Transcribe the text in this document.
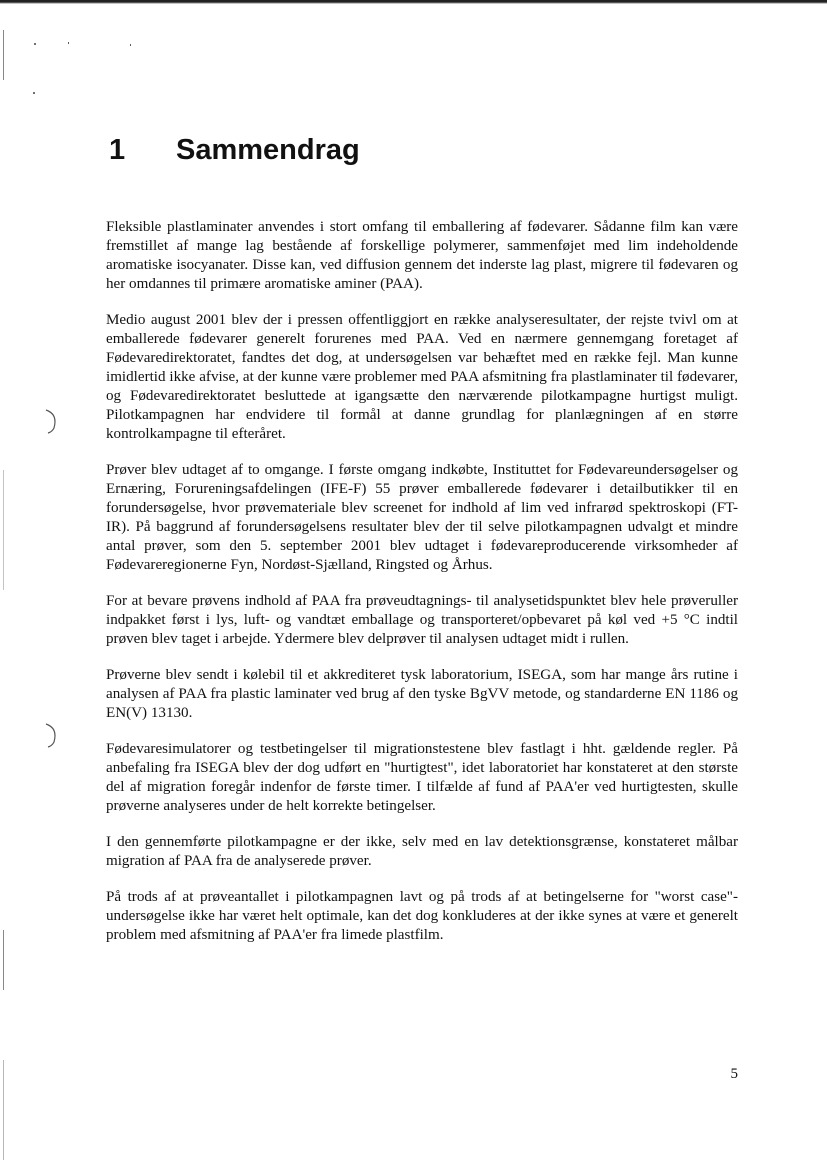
1 Sammendrag

Fleksible plastlaminater anvendes i stort omfang til emballering af fødevarer. Sådanne film kan være fremstillet af mange lag bestående af forskellige polymerer, sammenføjet med lim indeholdende aromatiske isocyanater. Disse kan, ved diffusion gennem det inderste lag plast, migrere til fødevaren og her omdannes til primære aromatiske aminer (PAA).

Medio august 2001 blev der i pressen offentliggjort en række analyseresultater, der rejste tvivl om at emballerede fødevarer generelt forurenes med PAA. Ved en nærmere gennemgang foretaget af Fødevaredirektoratet, fandtes det dog, at undersøgelsen var behæftet med en række fejl. Man kunne imidlertid ikke afvise, at der kunne være problemer med PAA afsmitning fra plastlaminater til fødevarer, og Fødevaredirektoratet besluttede at igangsætte den nærværende pilotkampagne hurtigst muligt. Pilotkampagnen har endvidere til formål at danne grundlag for planlægningen af en større kontrolkampagne til efteråret.

Prøver blev udtaget af to omgange. I første omgang indkøbte, Instituttet for Fødevareundersøgelser og Ernæring, Forureningsafdelingen (IFE-F) 55 prøver emballerede fødevarer i detailbutikker til en forundersøgelse, hvor prøvemateriale blev screenet for indhold af lim ved infrarød spektroskopi (FT-IR). På baggrund af forundersøgelsens resultater blev der til selve pilotkampagnen udvalgt et mindre antal prøver, som den 5. september 2001 blev udtaget i fødevareproducerende virksomheder af Fødevareregionerne Fyn, Nordøst-Sjælland, Ringsted og Århus.

For at bevare prøvens indhold af PAA fra prøveudtagnings- til analysetidspunktet blev hele prøveruller indpakket først i lys, luft- og vandtæt emballage og transporteret/opbevaret på køl ved +5 °C indtil prøven blev taget i arbejde. Ydermere blev delprøver til analysen udtaget midt i rullen.

Prøverne blev sendt i kølebil til et akkrediteret tysk laboratorium, ISEGA, som har mange års rutine i analysen af PAA fra plastic laminater ved brug af den tyske BgVV metode, og standarderne EN 1186 og EN(V) 13130.

Fødevaresimulatorer og testbetingelser til migrationstestene blev fastlagt i hht. gældende regler. På anbefaling fra ISEGA blev der dog udført en "hurtigtest", idet laboratoriet har konstateret at den største del af migration foregår indenfor de første timer. I tilfælde af fund af PAA'er ved hurtigtesten, skulle prøverne analyseres under de helt korrekte betingelser.

I den gennemførte pilotkampagne er der ikke, selv med en lav detektionsgrænse, konstateret målbar migration af PAA fra de analyserede prøver.

På trods af at prøveantallet i pilotkampagnen lavt og på trods af at betingelserne for "worst case"- undersøgelse ikke har været helt optimale, kan det dog konkluderes at der ikke synes at være et generelt problem med afsmitning af PAA'er fra limede plastfilm.

5
